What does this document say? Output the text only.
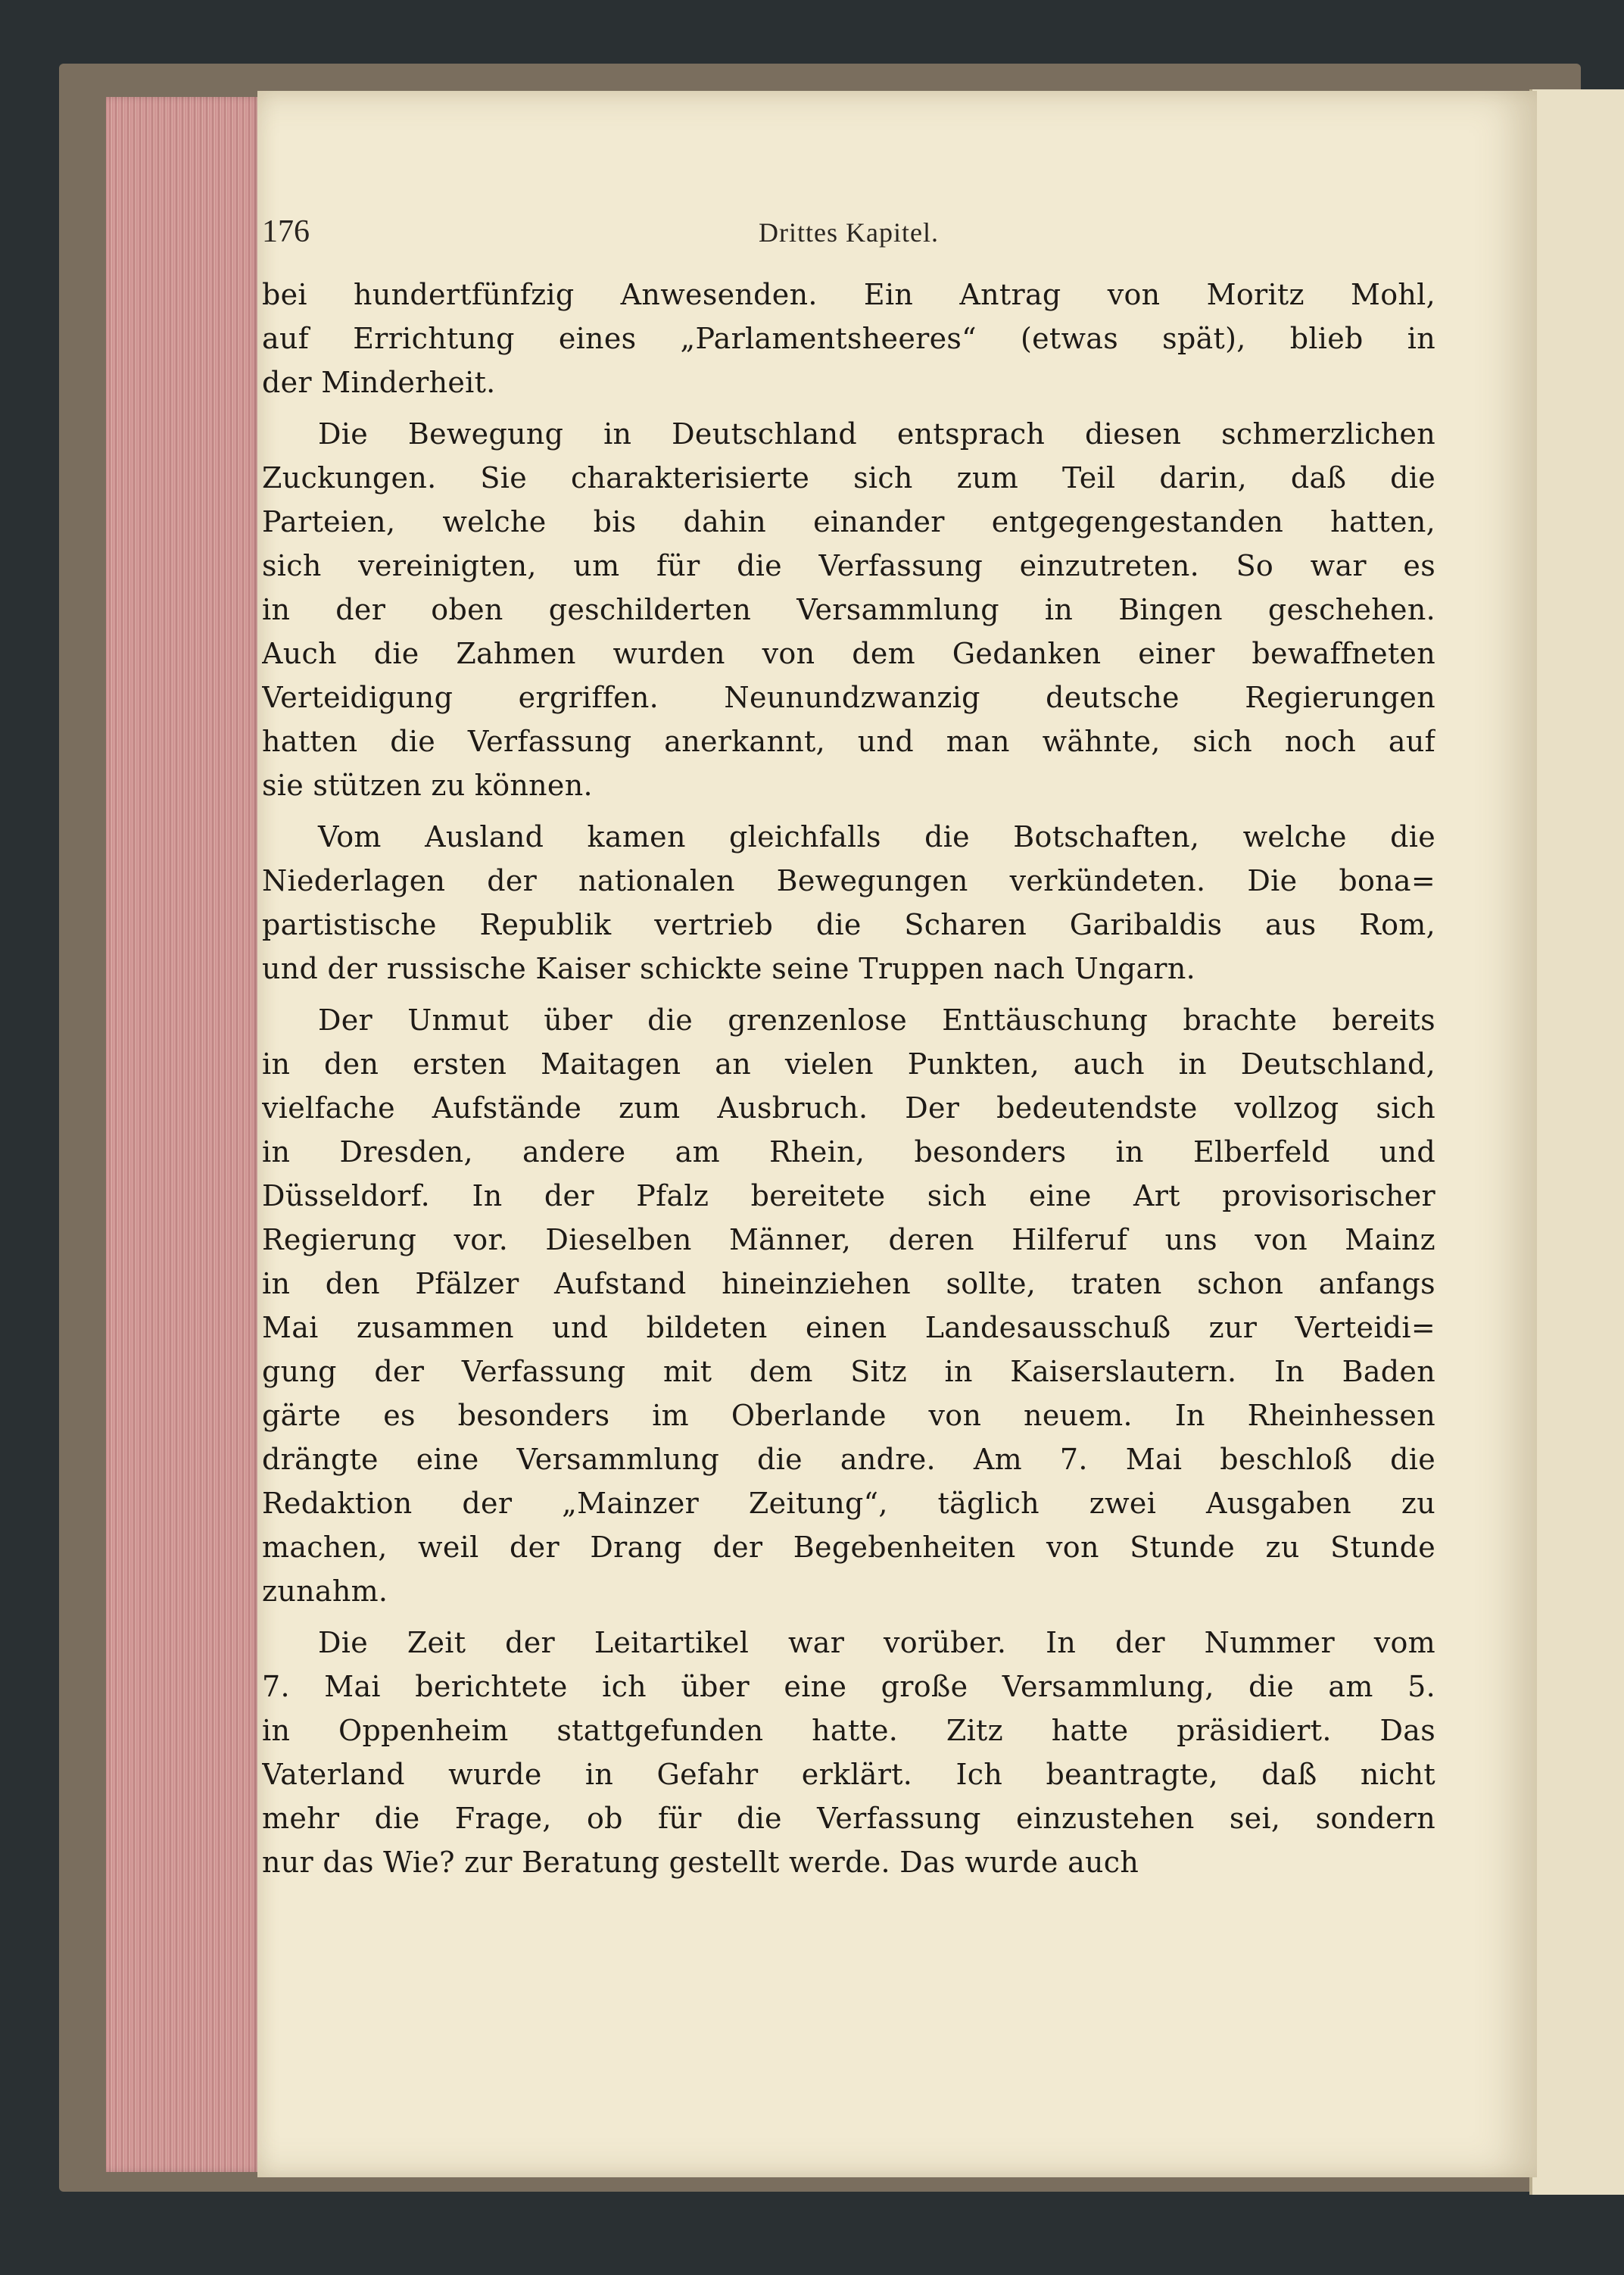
176	Drittes Kapitel.
bei hundertfünfzig Anwesenden. Ein Antrag von Moritz Mohl,
auf Errichtung eines „Parlamentsheeres“ (etwas spät), blieb in
der Minderheit.
Die Bewegung in Deutschland entsprach diesen schmerzlichen
Zuckungen. Sie charakterisierte sich zum Teil darin, daß die
Parteien, welche bis dahin einander entgegengestanden hatten,
sich vereinigten, um für die Verfassung einzutreten. So war es
in der oben geschilderten Versammlung in Bingen geschehen.
Auch die Zahmen wurden von dem Gedanken einer bewaffneten
Verteidigung ergriffen. Neunundzwanzig deutsche Regierungen
hatten die Verfassung anerkannt, und man wähnte, sich noch auf
sie stützen zu können.
Vom Ausland kamen gleichfalls die Botschaften, welche die
Niederlagen der nationalen Bewegungen verkündeten. Die bona=
partistische Republik vertrieb die Scharen Garibaldis aus Rom,
und der russische Kaiser schickte seine Truppen nach Ungarn.
Der Unmut über die grenzenlose Enttäuschung brachte bereits
in den ersten Maitagen an vielen Punkten, auch in Deutschland,
vielfache Aufstände zum Ausbruch. Der bedeutendste vollzog sich
in Dresden, andere am Rhein, besonders in Elberfeld und
Düsseldorf. In der Pfalz bereitete sich eine Art provisorischer
Regierung vor. Dieselben Männer, deren Hilferuf uns von Mainz
in den Pfälzer Aufstand hineinziehen sollte, traten schon anfangs
Mai zusammen und bildeten einen Landesausschuß zur Verteidi=
gung der Verfassung mit dem Sitz in Kaiserslautern. In Baden
gärte es besonders im Oberlande von neuem. In Rheinhessen
drängte eine Versammlung die andre. Am 7. Mai beschloß die
Redaktion der „Mainzer Zeitung“, täglich zwei Ausgaben zu
machen, weil der Drang der Begebenheiten von Stunde zu Stunde
zunahm.
Die Zeit der Leitartikel war vorüber. In der Nummer vom
7. Mai berichtete ich über eine große Versammlung, die am 5.
in Oppenheim stattgefunden hatte. Zitz hatte präsidiert. Das
Vaterland wurde in Gefahr erklärt. Ich beantragte, daß nicht
mehr die Frage, ob für die Verfassung einzustehen sei, sondern
nur das Wie? zur Beratung gestellt werde. Das wurde auch
